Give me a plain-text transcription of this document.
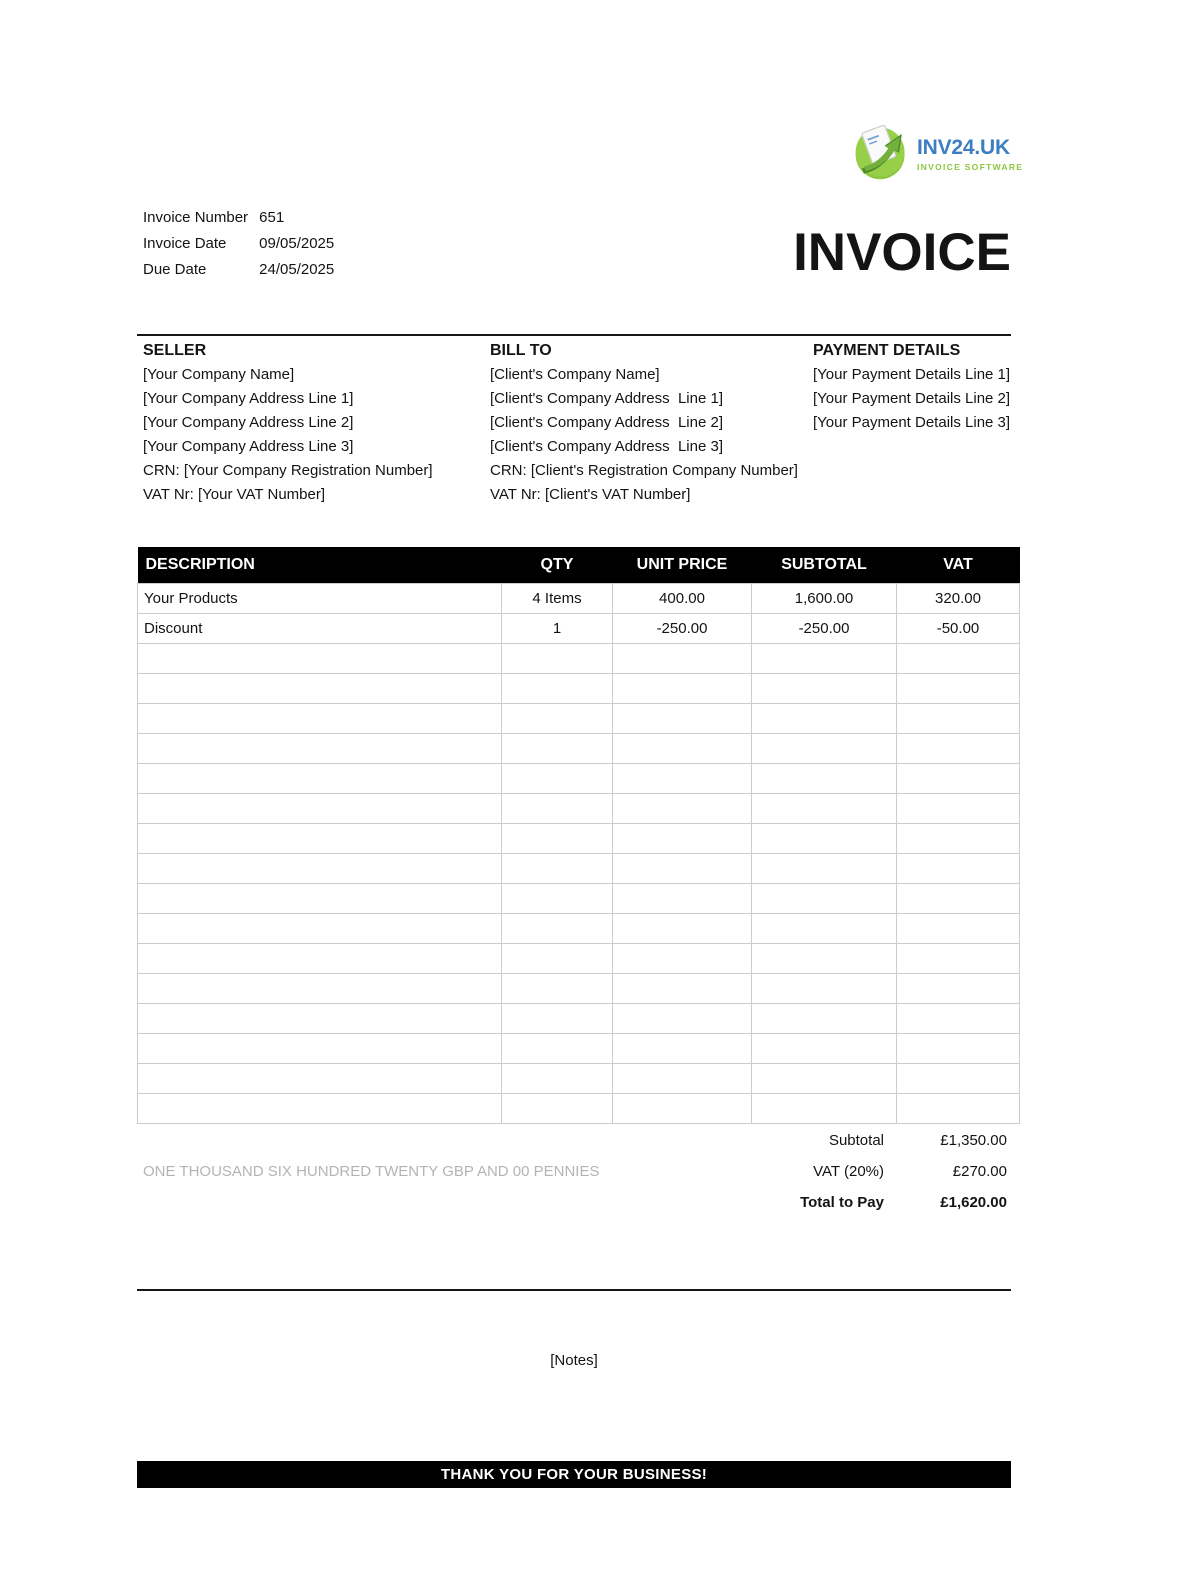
INV24.UK
INVOICE SOFTWARE
Invoice Number 651
Invoice Date 09/05/2025
Due Date	24/05/2025	INVOICE
SELLER
[Your Company Name]
[Your Company Address Line 1]
[Your Company Address Line 2]
[Your Company Address Line 3]
CRN: [Your Company Registration Number]
VAT Nr: [Your VAT Number]
BILL TO
[Client's Company Name]
[Client's Company Address  Line 1]
[Client's Company Address  Line 2]
[Client's Company Address  Line 3]
CRN: [Client's Registration Company Number]
VAT Nr: [Client's VAT Number]
PAYMENT DETAILS
[Your Payment Details Line 1]
[Your Payment Details Line 2]
[Your Payment Details Line 3]
DESCRIPTION	QTY	UNIT PRICE	SUBTOTAL	VAT
Your Products	4 Items	400.00	1,600.00	320.00
Discount	1	-250.00	-250.00	-50.00

ONE THOUSAND SIX HUNDRED TWENTY GBP AND 00 PENNIES
Subtotal	£1,350.00
VAT (20%)	£270.00
Total to Pay	£1,620.00
[Notes]
THANK YOU FOR YOUR BUSINESS!
